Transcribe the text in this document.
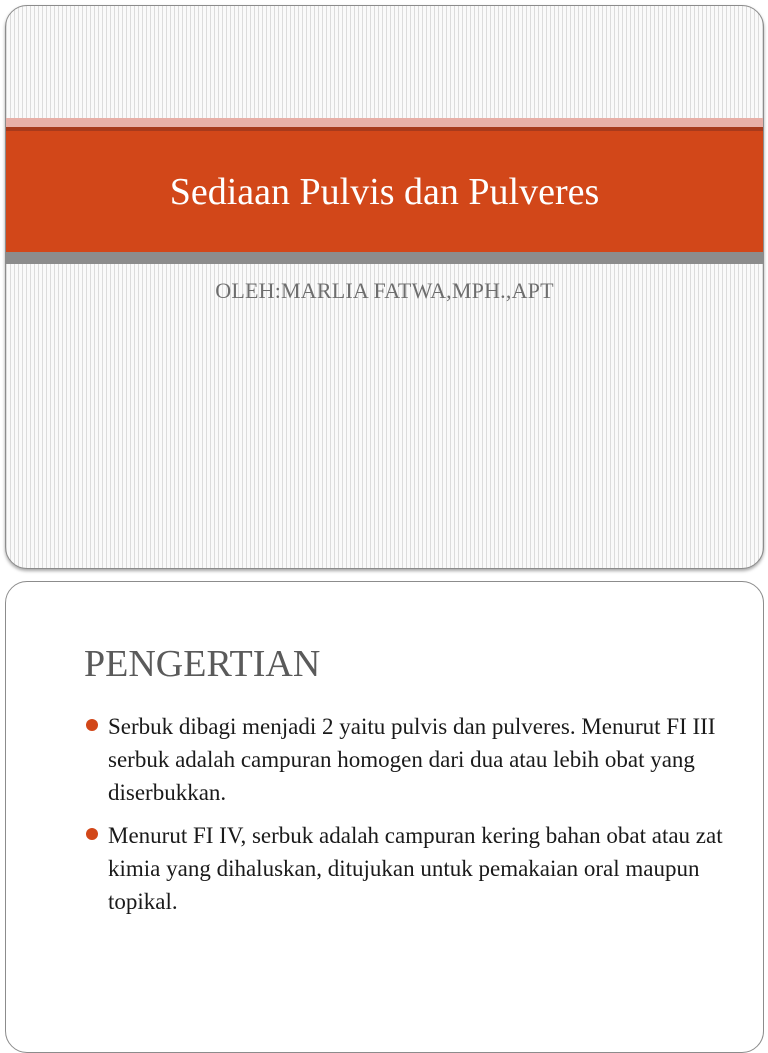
Sediaan Pulvis dan Pulveres
OLEH:MARLIA FATWA,MPH.,APT
PENGERTIAN
Serbuk dibagi menjadi 2 yaitu pulvis dan pulveres. Menurut FI III serbuk adalah campuran homogen dari dua atau lebih obat yang diserbukkan.
Menurut FI IV, serbuk adalah campuran kering bahan obat atau zat kimia yang dihaluskan, ditujukan untuk pemakaian oral maupun topikal.
